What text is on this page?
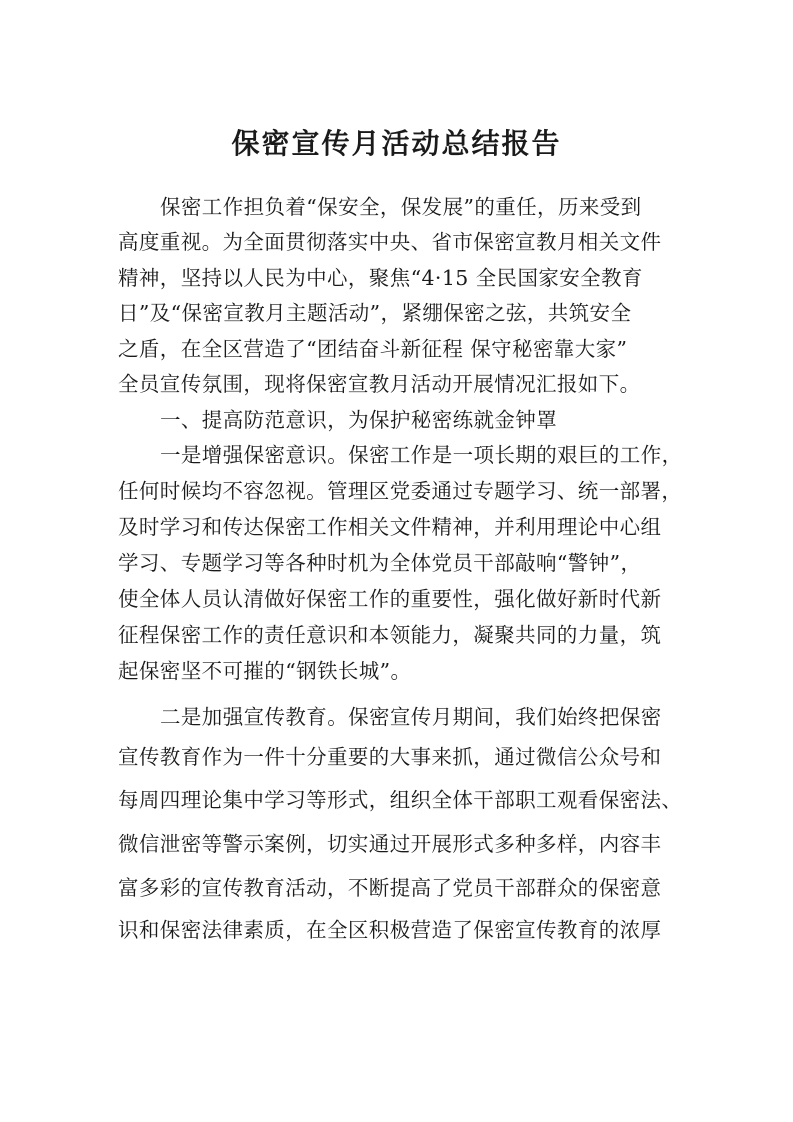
保密宣传月活动总结报告

保密工作担负着“保安全，保发展”的重任，历来受到

高度重视。为全面贯彻落实中央、省市保密宣教月相关文件

精神，坚持以人民为中心，聚焦“4·15 全民国家安全教育

日”及“保密宣教月主题活动”，紧绷保密之弦，共筑安全

之盾，在全区营造了“团结奋斗新征程 保守秘密靠大家”

全员宣传氛围，现将保密宣教月活动开展情况汇报如下。

一、提高防范意识，为保护秘密练就金钟罩

一是增强保密意识。保密工作是一项长期的艰巨的工作，

任何时候均不容忽视。管理区党委通过专题学习、统一部署，

及时学习和传达保密工作相关文件精神，并利用理论中心组

学习、专题学习等各种时机为全体党员干部敲响“警钟”，

使全体人员认清做好保密工作的重要性，强化做好新时代新

征程保密工作的责任意识和本领能力，凝聚共同的力量，筑

起保密坚不可摧的“钢铁长城”。

二是加强宣传教育。保密宣传月期间，我们始终把保密

宣传教育作为一件十分重要的大事来抓，通过微信公众号和

每周四理论集中学习等形式，组织全体干部职工观看保密法、

微信泄密等警示案例，切实通过开展形式多种多样，内容丰

富多彩的宣传教育活动，不断提高了党员干部群众的保密意

识和保密法律素质，在全区积极营造了保密宣传教育的浓厚
